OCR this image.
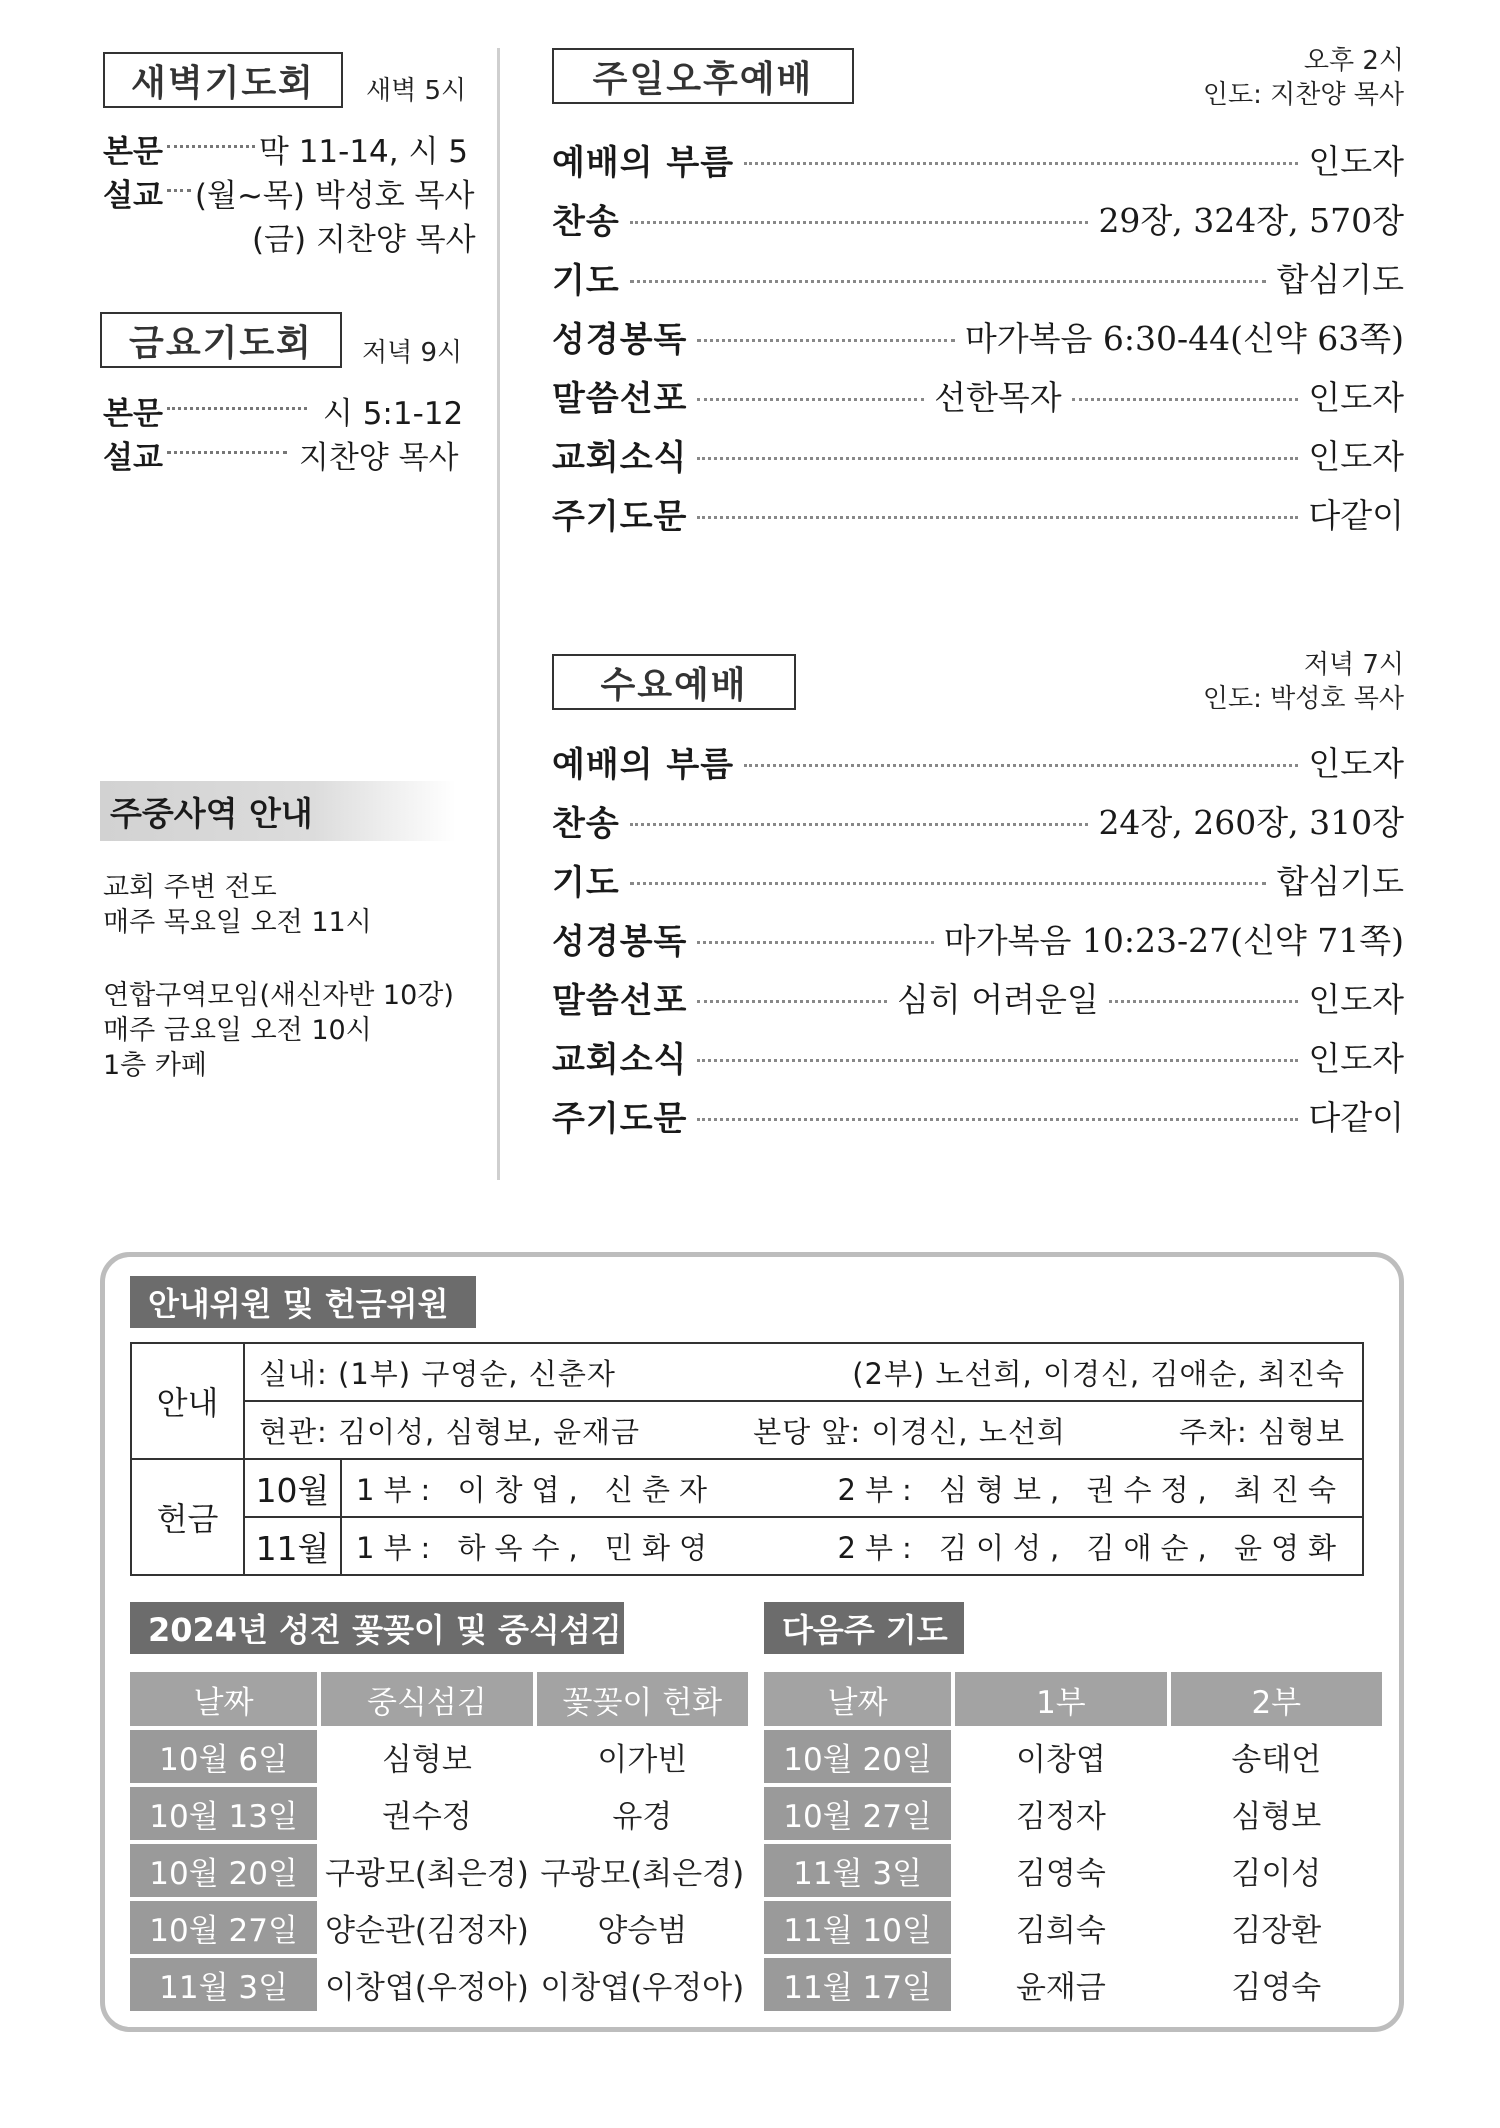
새벽기도회 새벽 5시
본문	막 11-14, 시 5
설교 (월~목) 박성호 목사
(금) 지찬양 목사
금요기도회 저녁 9시
본문	시 5:1-12
설교	지찬양 목사
주중사역 안내
교회 주변 전도
매주 목요일 오전 11시
연합구역모임(새신자반 10강)
매주 금요일 오전 10시
1층 카페
주일오후예배	오후 2시
인도: 지찬양 목사
예배의 부름	인도자
찬송	29장, 324장, 570장
기도	합심기도
성경봉독	마가복음 6:30-44(신약 63쪽)
말씀선포	선한목자	인도자
교회소식	인도자
주기도문	다같이
수요예배	저녁 7시
인도: 박성호 목사
예배의 부름	인도자
찬송	24장, 260장, 310장
기도	합심기도
성경봉독	마가복음 10:23-27(신약 71쪽)
말씀선포	심히 어려운일	인도자
교회소식	인도자
주기도문	다같이
안내위원 및 헌금위원
안내	실내: (1부) 구영순, 신춘자 (2부) 노선희, 이경신, 김애순, 최진숙	

	현관: 김이성, 심형보, 윤재금 본당 앞: 이경신, 노선희 주차: 심형보	

헌금	10월	1부: 이창엽, 신춘자 2부: 심형보, 권수정, 최진숙

	11월	1부: 하옥수, 민화영 2부: 김이성, 김애순, 윤영화
2024년 성전 꽃꽂이 및 중식섬김
날짜	중식섬김	꽃꽂이 헌화
10월 6일	심형보	이가빈
10월 13일	권수정	유경
10월 20일	구광모(최은경)	구광모(최은경)
10월 27일	양순관(김정자)	양승범
11월 3일	이창엽(우정아)	이창엽(우정아)
다음주 기도
날짜	1부	2부
10월 20일	이창엽	송태언
10월 27일	김정자	심형보
11월 3일	김영숙	김이성
11월 10일	김희숙	김장환
11월 17일	윤재금	김영숙
